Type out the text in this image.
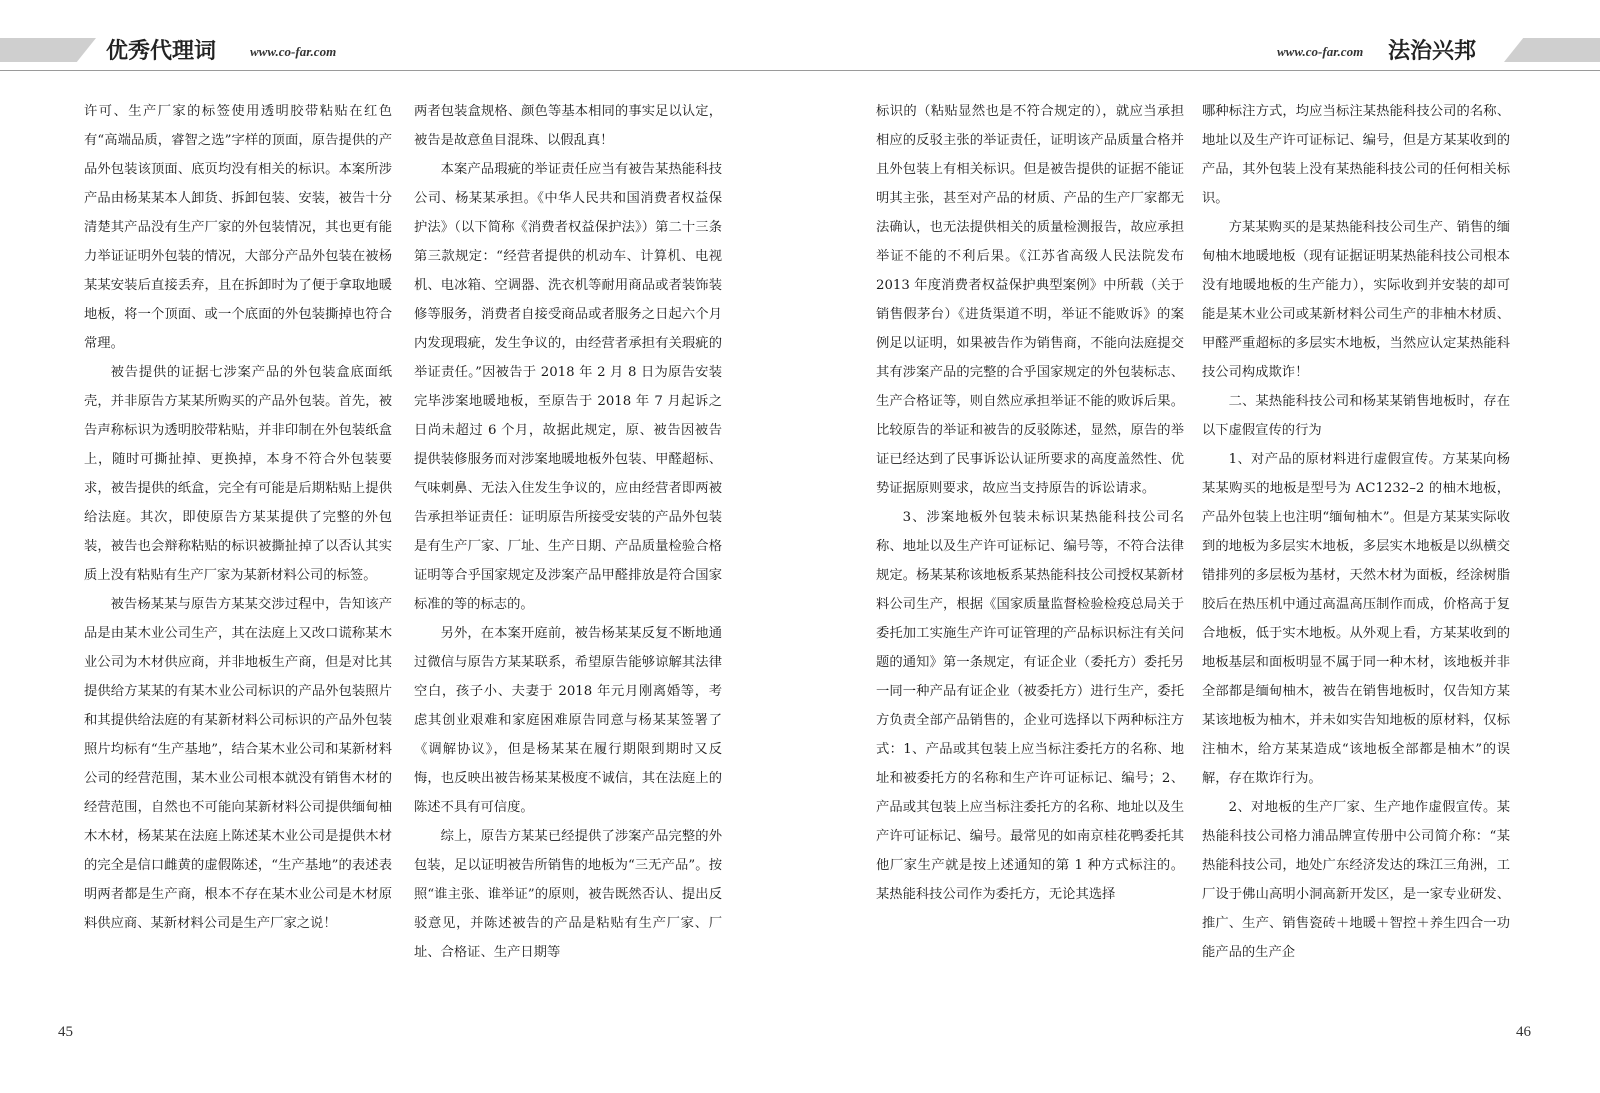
优秀代理词	www.co-far.com	www.co-far.com 法治兴邦

许可、生产厂家的标签使用透明胶带粘贴在红色有“高端品质，睿智之选”字样的顶面，原告提供的产品外包装该顶面、底页均没有相关的标识。本案所涉产品由杨某某本人卸货、拆卸包装、安装，被告十分清楚其产品没有生产厂家的外包装情况，其也更有能力举证证明外包装的情况，大部分产品外包装在被杨某某安装后直接丢弃，且在拆卸时为了便于拿取地暖地板，将一个顶面、或一个底面的外包装撕掉也符合常理。

被告提供的证据七涉案产品的外包装盒底面纸壳，并非原告方某某所购买的产品外包装。首先，被告声称标识为透明胶带粘贴，并非印制在外包装纸盒上，随时可撕扯掉、更换掉，本身不符合外包装要求，被告提供的纸盒，完全有可能是后期粘贴上提供给法庭。其次，即使原告方某某提供了完整的外包装，被告也会辩称粘贴的标识被撕扯掉了以否认其实质上没有粘贴有生产厂家为某新材料公司的标签。

被告杨某某与原告方某某交涉过程中，告知该产品是由某木业公司生产，其在法庭上又改口谎称某木业公司为木材供应商，并非地板生产商，但是对比其提供给方某某的有某木业公司标识的产品外包装照片和其提供给法庭的有某新材料公司标识的产品外包装照片均标有“生产基地”，结合某木业公司和某新材料公司的经营范围，某木业公司根本就没有销售木材的经营范围，自然也不可能向某新材料公司提供缅甸柚木木材，杨某某在法庭上陈述某木业公司是提供木材的完全是信口雌黄的虚假陈述，“生产基地”的表述表明两者都是生产商，根本不存在某木业公司是木材原料供应商、某新材料公司是生产厂家之说！

两者包装盒规格、颜色等基本相同的事实足以认定，被告是故意鱼目混珠、以假乱真！

本案产品瑕疵的举证责任应当有被告某热能科技公司、杨某某承担。《中华人民共和国消费者权益保护法》（以下简称《消费者权益保护法》）第二十三条第三款规定：“经营者提供的机动车、计算机、电视机、电冰箱、空调器、洗衣机等耐用商品或者装饰装修等服务，消费者自接受商品或者服务之日起六个月内发现瑕疵，发生争议的，由经营者承担有关瑕疵的举证责任。”因被告于 2018 年 2 月 8 日为原告安装完毕涉案地暖地板，至原告于 2018 年 7 月起诉之日尚未超过 6 个月，故据此规定，原、被告因被告提供装修服务而对涉案地暖地板外包装、甲醛超标、气味刺鼻、无法入住发生争议的，应由经营者即两被告承担举证责任：证明原告所接受安装的产品外包装是有生产厂家、厂址、生产日期、产品质量检验合格证明等合乎国家规定及涉案产品甲醛排放是符合国家标准的等的标志的。

另外，在本案开庭前，被告杨某某反复不断地通过微信与原告方某某联系，希望原告能够谅解其法律空白，孩子小、夫妻于 2018 年元月刚离婚等，考虑其创业艰难和家庭困难原告同意与杨某某签署了《调解协议》，但是杨某某在履行期限到期时又反悔，也反映出被告杨某某极度不诚信，其在法庭上的陈述不具有可信度。

综上，原告方某某已经提供了涉案产品完整的外包装，足以证明被告所销售的地板为“三无产品”。按照“谁主张、谁举证”的原则，被告既然否认、提出反驳意见，并陈述被告的产品是粘贴有生产厂家、厂址、合格证、生产日期等

标识的（粘贴显然也是不符合规定的），就应当承担相应的反驳主张的举证责任，证明该产品质量合格并且外包装上有相关标识。但是被告提供的证据不能证明其主张，甚至对产品的材质、产品的生产厂家都无法确认，也无法提供相关的质量检测报告，故应承担举证不能的不利后果。《江苏省高级人民法院发布 2013 年度消费者权益保护典型案例》中所载（关于销售假茅台）《进货渠道不明，举证不能败诉》的案例足以证明，如果被告作为销售商，不能向法庭提交其有涉案产品的完整的合乎国家规定的外包装标志、生产合格证等，则自然应承担举证不能的败诉后果。比较原告的举证和被告的反驳陈述，显然，原告的举证已经达到了民事诉讼认证所要求的高度盖然性、优势证据原则要求，故应当支持原告的诉讼请求。

3、涉案地板外包装未标识某热能科技公司名称、地址以及生产许可证标记、编号等，不符合法律规定。杨某某称该地板系某热能科技公司授权某新材料公司生产，根据《国家质量监督检验检疫总局关于委托加工实施生产许可证管理的产品标识标注有关问题的通知》第一条规定，有证企业（委托方）委托另一同一种产品有证企业（被委托方）进行生产，委托方负责全部产品销售的，企业可选择以下两种标注方式：1、产品或其包装上应当标注委托方的名称、地址和被委托方的名称和生产许可证标记、编号；2、产品或其包装上应当标注委托方的名称、地址以及生产许可证标记、编号。最常见的如南京桂花鸭委托其他厂家生产就是按上述通知的第 1 种方式标注的。某热能科技公司作为委托方，无论其选择

哪种标注方式，均应当标注某热能科技公司的名称、地址以及生产许可证标记、编号，但是方某某收到的产品，其外包装上没有某热能科技公司的任何相关标识。

方某某购买的是某热能科技公司生产、销售的缅甸柚木地暖地板（现有证据证明某热能科技公司根本没有地暖地板的生产能力），实际收到并安装的却可能是某木业公司或某新材料公司生产的非柚木材质、甲醛严重超标的多层实木地板，当然应认定某热能科技公司构成欺诈！

二、某热能科技公司和杨某某销售地板时，存在以下虚假宣传的行为

1、对产品的原材料进行虚假宣传。方某某向杨某某购买的地板是型号为 AC1232–2 的柚木地板，产品外包装上也注明“缅甸柚木”。但是方某某实际收到的地板为多层实木地板，多层实木地板是以纵横交错排列的多层板为基材，天然木材为面板，经涂树脂胶后在热压机中通过高温高压制作而成，价格高于复合地板，低于实木地板。从外观上看，方某某收到的地板基层和面板明显不属于同一种木材，该地板并非全部都是缅甸柚木，被告在销售地板时，仅告知方某某该地板为柚木，并未如实告知地板的原材料，仅标注柚木，给方某某造成“该地板全部都是柚木”的误解，存在欺诈行为。

2、对地板的生产厂家、生产地作虚假宣传。某热能科技公司格力浦品牌宣传册中公司简介称：“某热能科技公司，地处广东经济发达的珠江三角洲，工厂设于佛山高明小洞高新开发区，是一家专业研发、推广、生产、销售瓷砖＋地暖＋智控＋养生四合一功能产品的生产企

45	46
